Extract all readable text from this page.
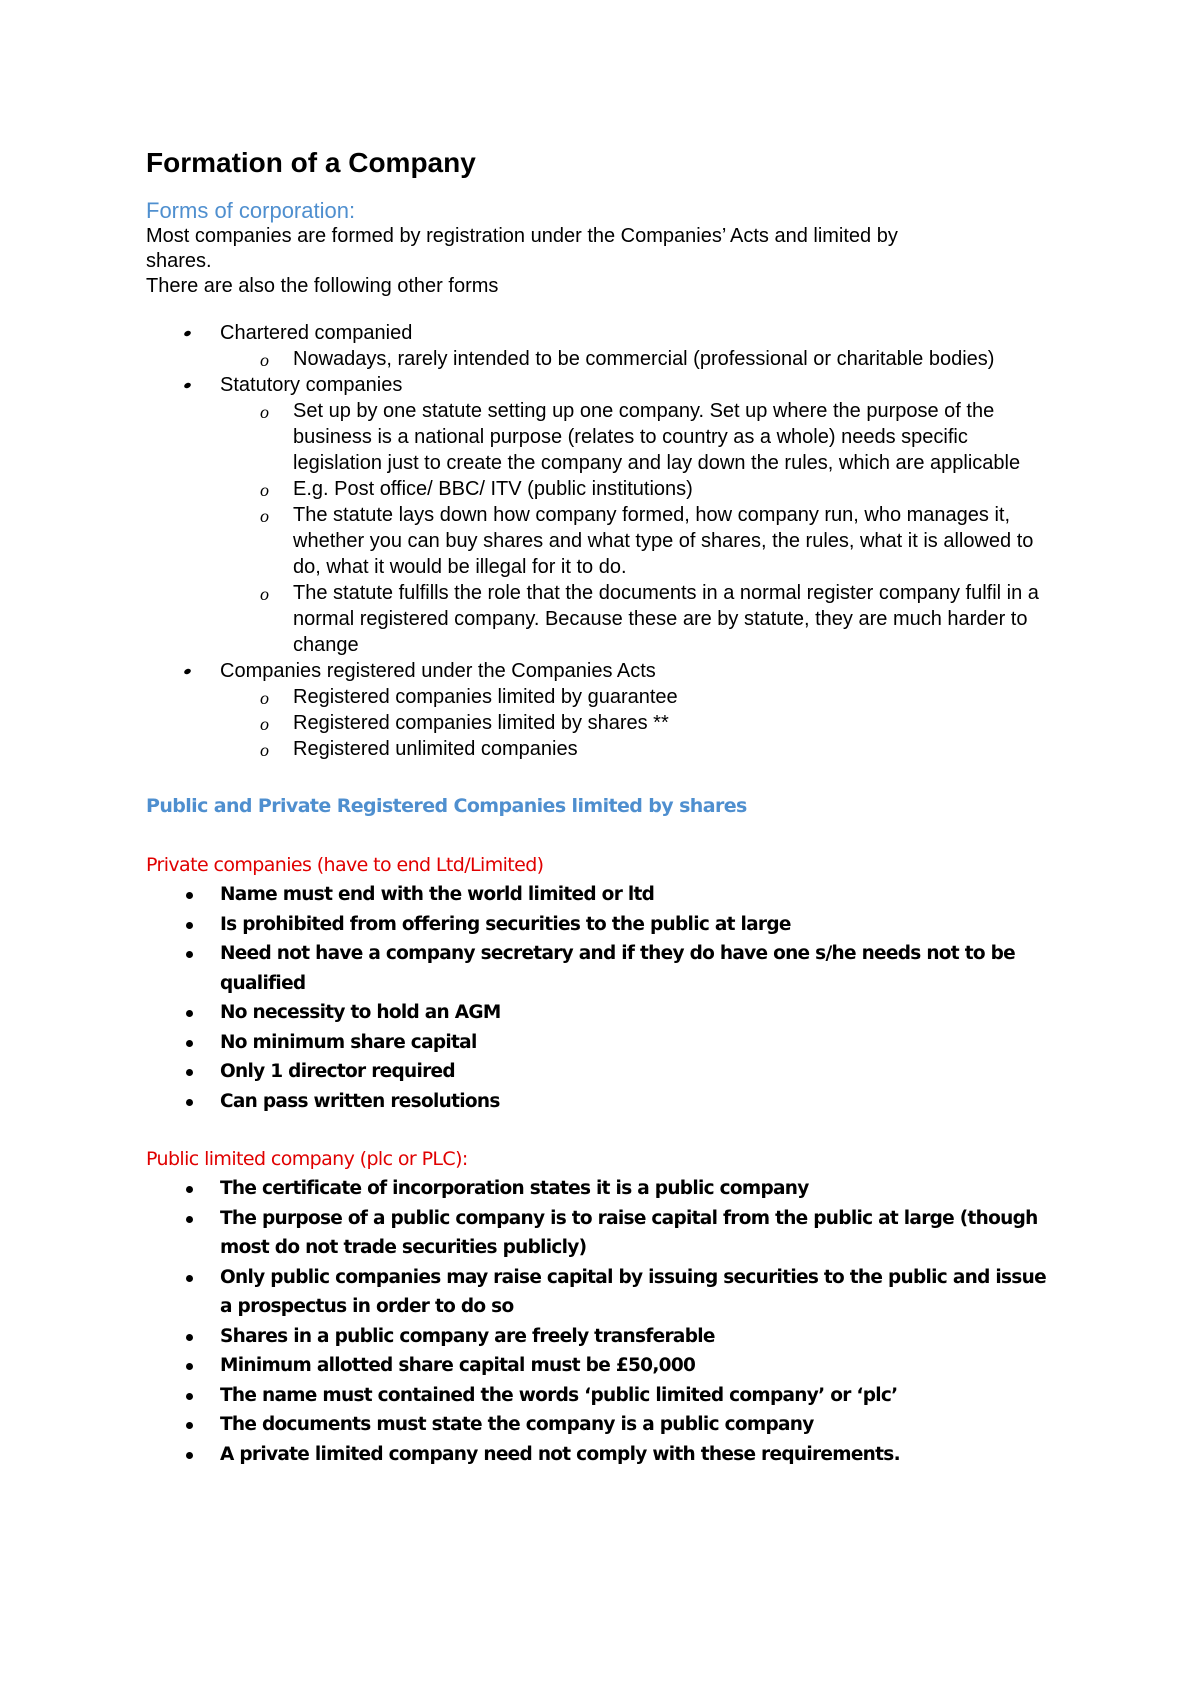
Formation of a Company
Forms of corporation:
Most companies are formed by registration under the Companies’ Acts and limited by
shares.
There are also the following other forms
Chartered companied
o Nowadays, rarely intended to be commercial (professional or charitable bodies)
Statutory companies
o Set up by one statute setting up one company. Set up where the purpose of the business is a national purpose (relates to country as a whole) needs specific legislation just to create the company and lay down the rules, which are applicable
o E.g. Post office/ BBC/ ITV (public institutions)
o The statute lays down how company formed, how company run, who manages it, whether you can buy shares and what type of shares, the rules, what it is allowed to do, what it would be illegal for it to do.
o The statute fulfills the role that the documents in a normal register company fulfil in a normal registered company. Because these are by statute, they are much harder to change
Companies registered under the Companies Acts
o Registered companies limited by guarantee
o Registered companies limited by shares **
o Registered unlimited companies
Public and Private Registered Companies limited by shares
Private companies (have to end Ltd/Limited)
Name must end with the world limited or ltd
Is prohibited from offering securities to the public at large
Need not have a company secretary and if they do have one s/he needs not to be qualified
No necessity to hold an AGM
No minimum share capital
Only 1 director required
Can pass written resolutions
Public limited company (plc or PLC):
The certificate of incorporation states it is a public company
The purpose of a public company is to raise capital from the public at large (though most do not trade securities publicly)
Only public companies may raise capital by issuing securities to the public and issue a prospectus in order to do so
Shares in a public company are freely transferable
Minimum allotted share capital must be £50,000
The name must contained the words ‘public limited company’ or ‘plc’
The documents must state the company is a public company
A private limited company need not comply with these requirements.
